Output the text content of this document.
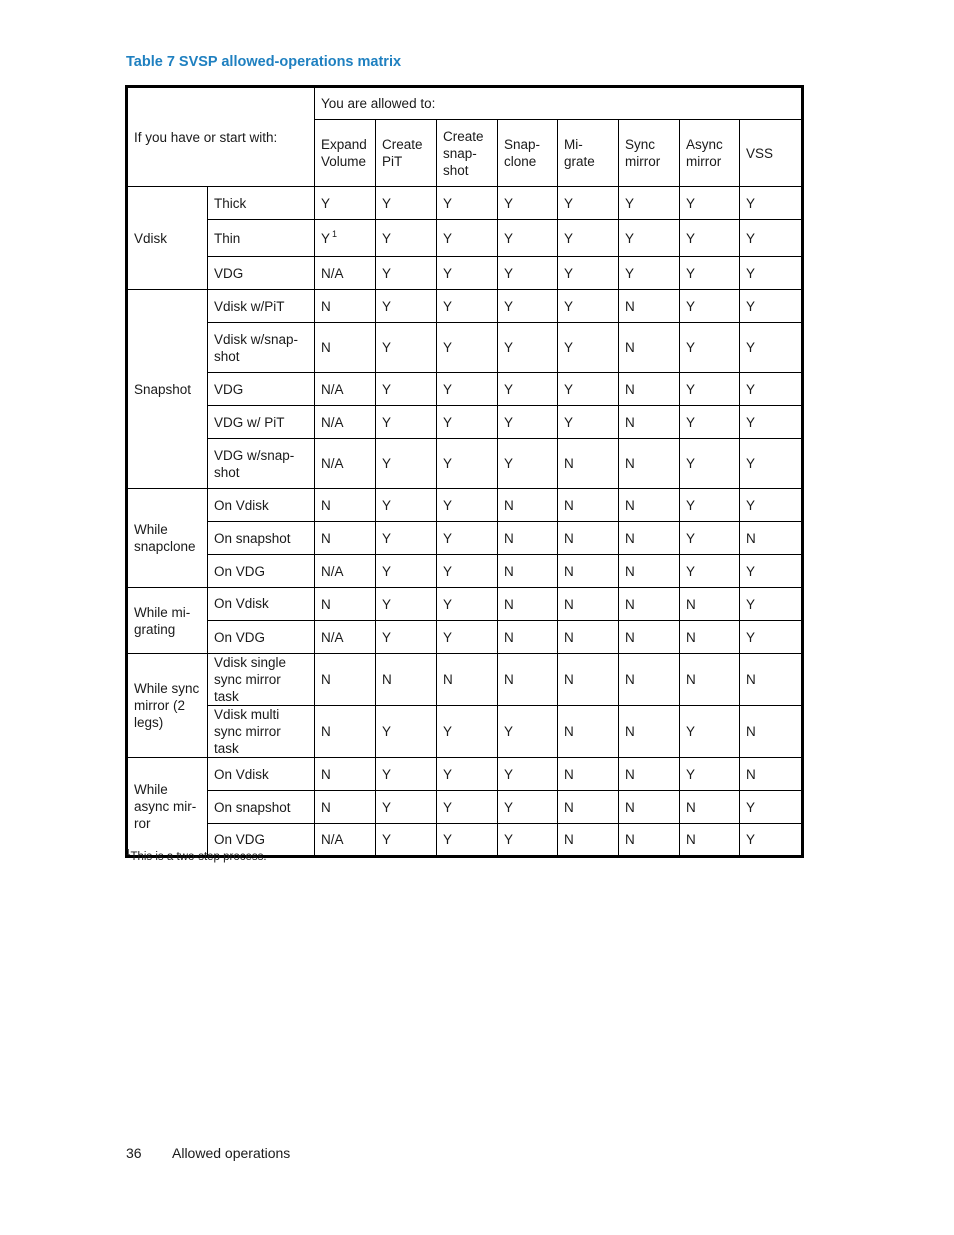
Table 7 SVSP allowed-operations matrix
If you have or start with:		You are allowed to:							
		Expand Volume	Create PiT	Create snap-shot	Snap-clone	Mi-grate	Sync mirror	Async mirror	VSS
Vdisk	Thick	Y	Y	Y	Y	Y	Y	Y	Y
	Thin	Y $^1$	Y	Y	Y	Y	Y	Y	Y
	VDG	N/A	Y	Y	Y	Y	Y	Y	Y
Snapshot	Vdisk w/PiT	N	Y	Y	Y	Y	N	Y	Y
	Vdisk w/snap-shot	N	Y	Y	Y	Y	N	Y	Y
	VDG	N/A	Y	Y	Y	Y	N	Y	Y
	VDG w/ PiT	N/A	Y	Y	Y	Y	N	Y	Y
	VDG w/snap-shot	N/A	Y	Y	Y	N	N	Y	Y
While snapclone	On Vdisk	N	Y	Y	N	N	N	Y	Y
	On snapshot	N	Y	Y	N	N	N	Y	N
	On VDG	N/A	Y	Y	N	N	N	Y	Y
While mi-grating	On Vdisk	N	Y	Y	N	N	N	N	Y
	On VDG	N/A	Y	Y	N	N	N	N	Y
While sync mirror (2 legs)	Vdisk single sync mirror task	N	N	N	N	N	N	N	N
	Vdisk multi sync mirror task	N	Y	Y	Y	N	N	Y	N
While async mir-ror	On Vdisk	N	Y	Y	Y	N	N	Y	N
	On snapshot	N	Y	Y	Y	N	N	N	Y
	On VDG	N/A	Y	Y	Y	N	N	N	Y
$^1$This is a two-step process.
36 Allowed operations
